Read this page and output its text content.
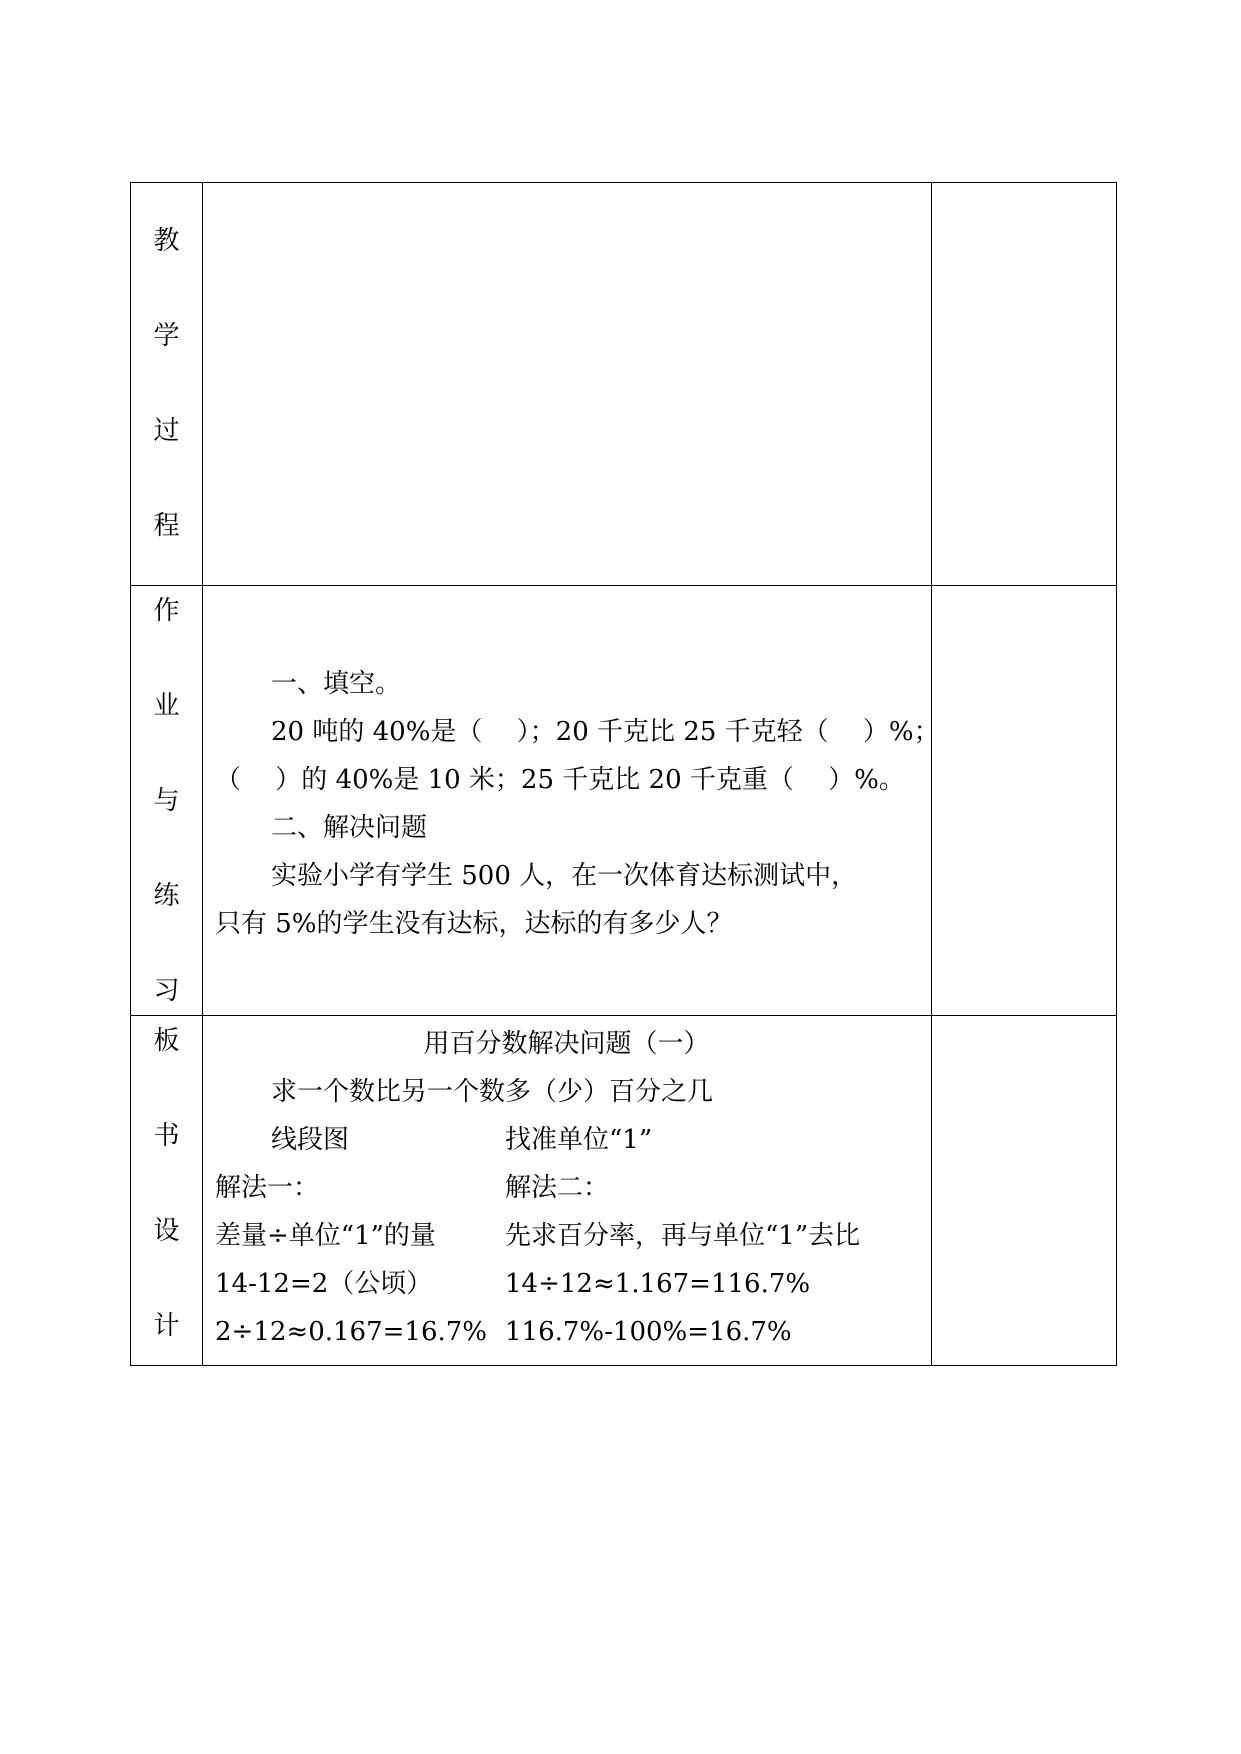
教
学
过
程
作
业
与
练
习
一、填空。
20 吨的 40%是（　 ）；20 千克比 25 千克轻（　 ）%；
（　 ）的 40%是 10 米；25 千克比 20 千克重（　 ）%。
二、解决问题
实验小学有学生 500 人，在一次体育达标测试中，
只有 5%的学生没有达标，达标的有多少人？
板
书
设
计
用百分数解决问题（一）
求一个数比另一个数多（少）百分之几
线段图
解法一：
差量÷单位“1”的量
14-12=2（公顷）
2÷12≈0.167=16.7%
找准单位“1”
解法二：
先求百分率，再与单位“1”去比
14÷12≈1.167=116.7%
116.7%-100%=16.7%
